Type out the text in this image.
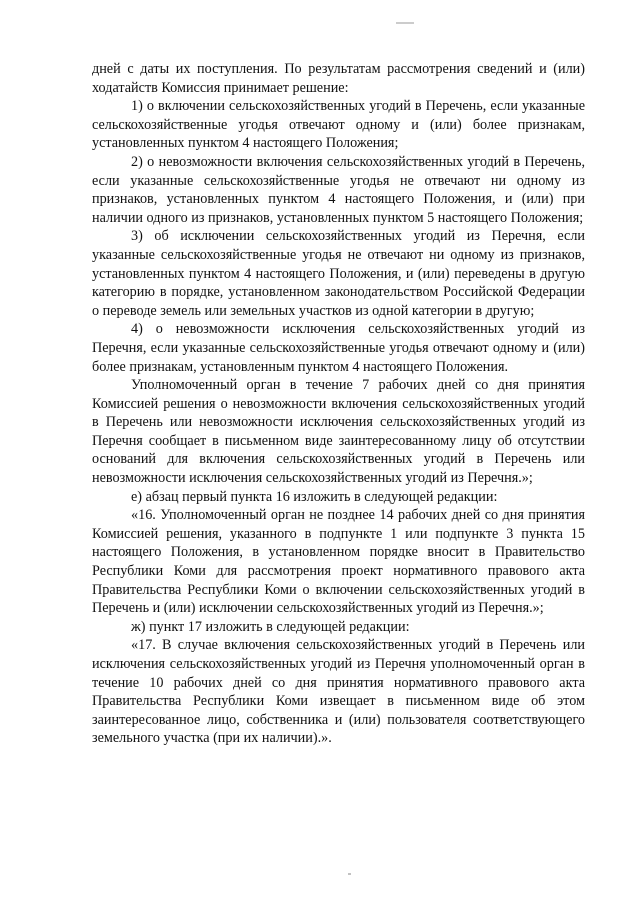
дней с даты их поступления. По результатам рассмотрения сведений и (или) ходатайств Комиссия принимает решение:

1) о включении сельскохозяйственных угодий в Перечень, если указанные сельскохозяйственные угодья отвечают одному и (или) более признакам, установленных пунктом 4 настоящего Положения;

2) о невозможности включения сельскохозяйственных угодий в Перечень, если указанные сельскохозяйственные угодья не отвечают ни одному из признаков, установленных пунктом 4 настоящего Положения, и (или) при наличии одного из признаков, установленных пунктом 5 настоящего Положения;

3) об исключении сельскохозяйственных угодий из Перечня, если указанные сельскохозяйственные угодья не отвечают ни одному из признаков, установленных пунктом 4 настоящего Положения, и (или) переведены в другую категорию в порядке, установленном законодательством Российской Федерации о переводе земель или земельных участков из одной категории в другую;

4) о невозможности исключения сельскохозяйственных угодий из Перечня, если указанные сельскохозяйственные угодья отвечают одному и (или) более признакам, установленным пунктом 4 настоящего Положения.

Уполномоченный орган в течение 7 рабочих дней со дня принятия Комиссией решения о невозможности включения сельскохозяйственных угодий в Перечень или невозможности исключения сельскохозяйственных угодий из Перечня сообщает в письменном виде заинтересованному лицу об отсутствии оснований для включения сельскохозяйственных угодий в Перечень или невозможности исключения сельскохозяйственных угодий из Перечня.»;

е) абзац первый пункта 16 изложить в следующей редакции:

«16. Уполномоченный орган не позднее 14 рабочих дней со дня принятия Комиссией решения, указанного в подпункте 1 или подпункте 3 пункта 15 настоящего Положения, в установленном порядке вносит в Правительство Республики Коми для рассмотрения проект нормативного правового акта Правительства Республики Коми о включении сельскохозяйственных угодий в Перечень и (или) исключении сельскохозяйственных угодий из Перечня.»;

ж) пункт 17 изложить в следующей редакции:

«17. В случае включения сельскохозяйственных угодий в Перечень или исключения сельскохозяйственных угодий из Перечня уполномоченный орган в течение 10 рабочих дней со дня принятия нормативного правового акта Правительства Республики Коми извещает в письменном виде об этом заинтересованное лицо, собственника и (или) пользователя соответствующего земельного участка (при их наличии).».
